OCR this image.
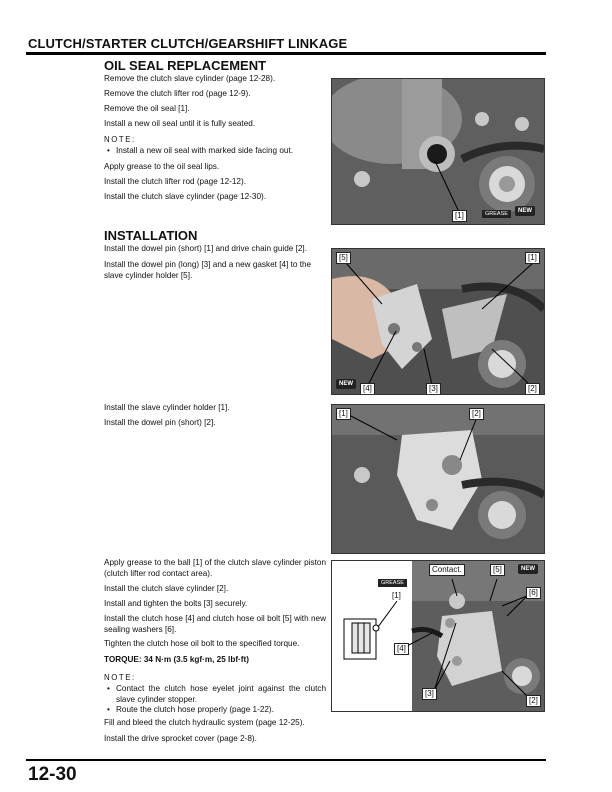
CLUTCH/STARTER CLUTCH/GEARSHIFT LINKAGE
OIL SEAL REPLACEMENT
Remove the clutch slave cylinder (page 12-28).
Remove the clutch lifter rod (page 12-9).
Remove the oil seal [1].
Install a new oil seal until it is fully seated.
NOTE:
• Install a new oil seal with marked side facing out.
Apply grease to the oil seal lips.
Install the clutch lifter rod (page 12-12).
Install the clutch slave cylinder (page 12-30).
[1]	GREASE	NEW
INSTALLATION
Install the dowel pin (short) [1] and drive chain guide [2].
Install the dowel pin (long) [3] and a new gasket [4] to the slave cylinder holder [5].
[5]	[1]
NEW	[4]	[3]	[2]
Install the slave cylinder holder [1].
Install the dowel pin (short) [2].
[1]	[2]
Apply grease to the ball [1] of the clutch slave cylinder piston (clutch lifter rod contact area).
Install the clutch slave cylinder [2].
Install and tighten the bolts [3] securely.
Install the clutch hose [4] and clutch hose oil bolt [5] with new sealing washers [6].
Tighten the clutch hose oil bolt to the specified torque.
TORQUE: 34 N·m (3.5 kgf·m, 25 lbf·ft)
NOTE:
• Contact the clutch hose eyelet joint against the clutch slave cylinder stopper.
• Route the clutch hose properly (page 1-22).
Fill and bleed the clutch hydraulic system (page 12-25).
Install the drive sprocket cover (page 2-8).
GREASE
[1]
Contact.	[5]	NEW
[6]
[4]
[3]
[2]
12-30
